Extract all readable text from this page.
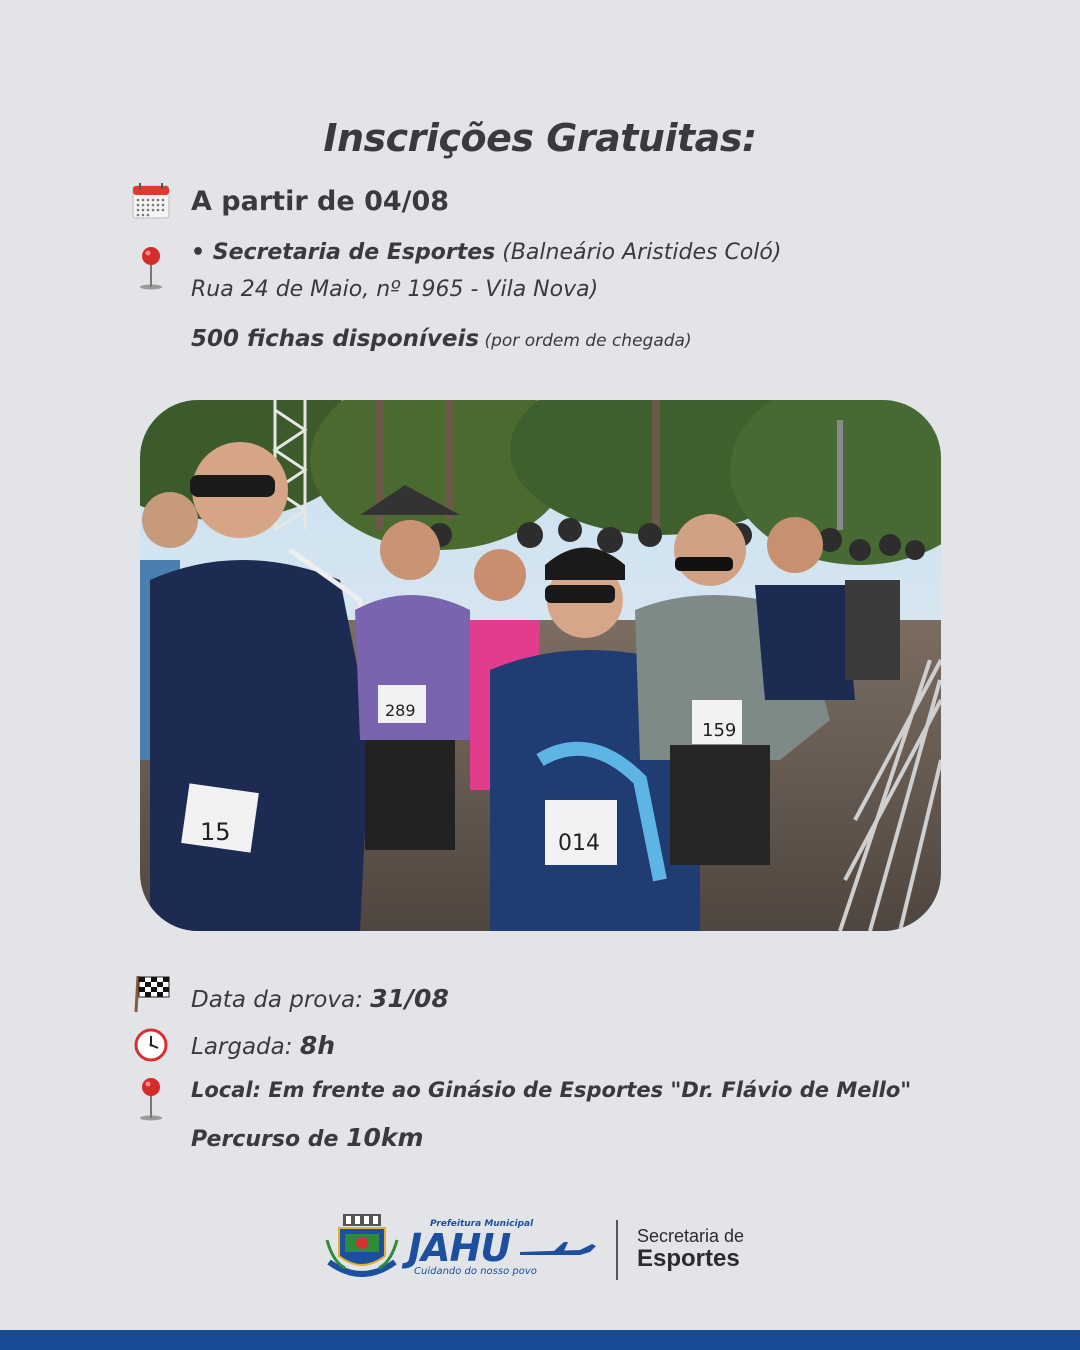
Inscrições Gratuitas:
A partir de 04/08
• Secretaria de Esportes (Balneário Aristides Coló)
Rua 24 de Maio, nº 1965 - Vila Nova)
500 fichas disponíveis (por ordem de chegada)
15
289
014
159
Data da prova: 31/08
Largada: 8h
Local: Em frente ao Ginásio de Esportes "Dr. Flávio de Mello"
Percurso de 10km
Prefeitura Municipal
JAHU
Cuidando do nosso povo
Secretaria de
Esportes
